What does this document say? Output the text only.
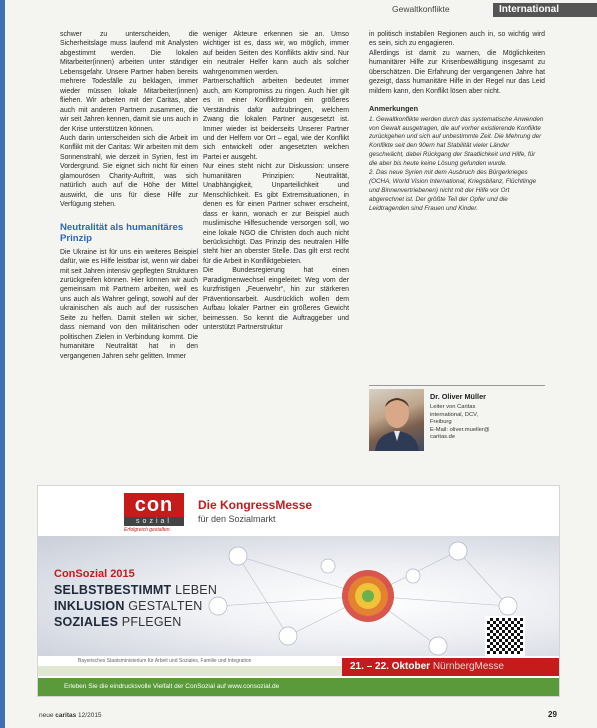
Gewaltkonflikte	International

schwer zu unterscheiden, die Sicherheitslage muss laufend mit Analysten abgestimmt werden. Die lokalen Mitarbeiter(innen) arbeiten unter ständiger Lebensgefahr. Unsere Partner haben bereits mehrere Todesfälle zu beklagen, immer wieder müssen lokale Mitarbeiter(innen) fliehen. Wir arbeiten mit der Caritas, aber auch mit anderen Partnern zusammen, die wir seit Jahren kennen, damit sie uns auch in der Krise unterstützen können.

Auch darin unterscheiden sich die Arbeit im Konflikt mit der Caritas: Wir arbeiten mit dem Sonnenstrahl, wie derzeit in Syrien, fest im Vordergrund. Sie eignet sich nicht für einen glamourösen Charity-Auftritt, was sich natürlich auch auf die Höhe der Mittel auswirkt, die uns für diese Hilfe zur Verfügung stehen.

Neutralität als humanitäres Prinzip

Die Ukraine ist für uns ein weiteres Beispiel dafür, wie es Hilfe leistbar ist, wenn wir dabei mit seit Jahren intensiv gepflegten Strukturen zurückgreifen können. Hier können wir auch gemeinsam mit Partnern arbeiten, weil es uns auch als Wahrer gelingt, sowohl auf der ukrainischen als auch auf der russischen Seite zu helfen. Damit stellen wir sicher, dass niemand von den militärischen oder politischen Zielen in Verbindung kommt. Die humanitäre Neutralität hat in den vergangenen Jahren sehr gelitten. Immer

weniger Akteure erkennen sie an. Umso wichtiger ist es, dass wir, wo möglich, immer auf beiden Seiten des Konflikts aktiv sind. Nur ein neutraler Helfer kann auch als solcher wahrgenommen werden.

Partnerschaftlich arbeiten bedeutet immer auch, am Kompromiss zu ringen. Auch hier gilt es in einer Konfliktregion ein größeres Verständnis dafür aufzubringen, welchem Zwang die lokalen Partner ausgesetzt ist. Immer wieder ist beiderseits Unserer Partner und der Helfern vor Ort – egal, wie der Konflikt sich entwickelt oder angesetzten welchen Partei er ausgeht.

Nur eines steht nicht zur Diskussion: unsere humanitären Prinzipien: Neutralität, Unabhängigkeit, Unparteilichkeit und Menschlichkeit. Es gibt Extremsituationen, in denen es für einen Partner schwer erscheint, dass er kann, wonach er zur Beispiel auch muslimische Hilfesuchende versorgen soll, wo eine lokale NGO die Christen doch auch nicht berücksichtigt. Das Prinzip des neutralen Hilfe steht hier an oberster Stelle. Das gilt erst recht für die Arbeit in Konfliktgebieten.

Die Bundesregierung hat einen Paradigmenwechsel eingeleitet: Weg vom der kurzfristigen „Feuerwehr“, hin zur stärkeren Präventionsarbeit. Ausdrücklich wollen dem Aufbau lokaler Partner ein größeres Gewicht beimessen. So kennt die Auftraggeber und unterstützt Partnerstruktur

in politisch instabilen Regionen auch in, so wichtig wird es sein, sich zu engagieren.

Allerdings ist damit zu warnen, die Möglichkeiten humanitärer Hilfe zur Krisenbewältigung insgesamt zu überschätzen. Die Erfahrung der vergangenen Jahre hat gezeigt, dass humanitäre Hilfe in der Regel nur das Leid mildern kann, den Konflikt lösen aber nicht.

Anmerkungen

1. Gewaltkonflikte werden durch das systematische Anwenden von Gewalt ausgetragen, die auf vorher existierende Konflikte zurückgehen und sich auf unbestimmte Zeit. Die Mehrung der Konflikte seit den 90ern hat Stabilität vieler Länder geschwächt, dabei Rückgang der Staatlichkeit und Hilfe, für die aber bis heute keine Lösung gefunden wurde.

2. Das neue Syrien mit dem Ausbruch des Bürgerkrieges (OCHA, World Vision International, Kriegsbilanz, Flüchtlinge und Binnenvertriebenen) nicht mit der Hilfe vor Ort abgerechnet ist. Der größte Teil der Opfer und die Leidtragenden sind Frauen und Kinder.

Dr. Oliver Müller
Leiter von Caritas
international, DCV,
Freiburg
E-Mail: oliver.mueller@
caritas.de
con
sozial
Erfolgreich gestalten.
Die KongressMesse
für den Sozialmarkt
ConSozial 2015
SELBSTBESTIMMT LEBEN
INKLUSION GESTALTEN
SOZIALES PFLEGEN
Bayerisches Staatsministerium für Arbeit und Soziales, Familie und Integration	21. – 22. Oktober NürnbergMesse
Erleben Sie die eindrucksvolle Vielfalt der ConSozial auf www.consozial.de
neue caritas 12/2015	29
